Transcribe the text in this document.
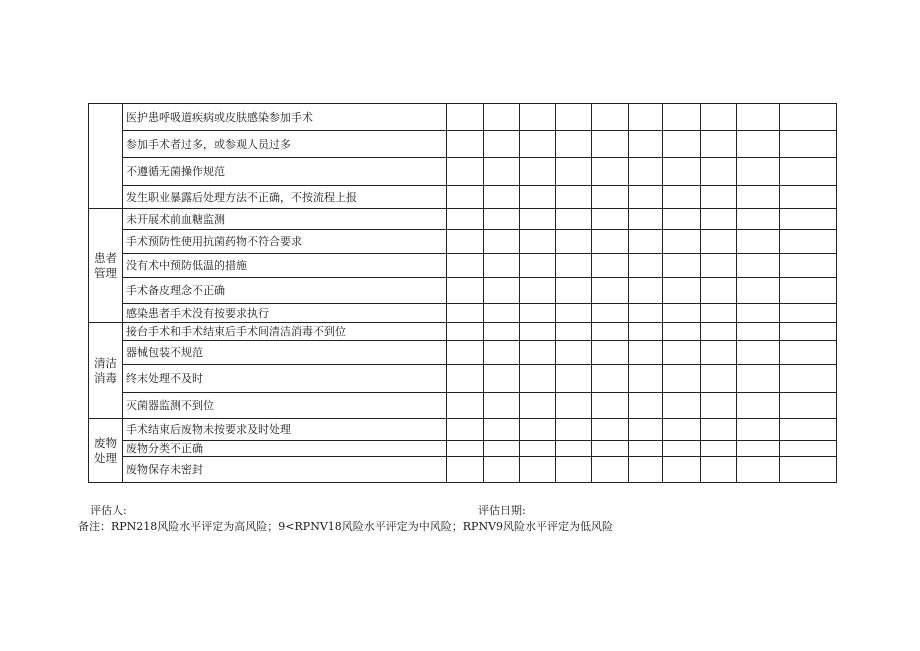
	医护患呼吸道疾病或皮肤感染参加手术										
	参加手术者过多，或参观人员过多										
	不遵循无菌操作规范										
	发生职业暴露后处理方法不正确，不按流程上报										
患者管理	未开展术前血糖监测										
	手术预防性使用抗菌药物不符合要求										
	没有术中预防低温的措施										
	手术备皮理念不正确										
	感染患者手术没有按要求执行										
清洁消毒	接台手术和手术结束后手术间清洁消毒不到位										
	器械包装不规范										
	终末处理不及时										
	灭菌器监测不到位										
废物处理	手术结束后废物未按要求及时处理										
	废物分类不正确										
	废物保存未密封										
评估人:	评估日期:
备注：RPN218风险水平评定为高风险；9<RPNV18风险水平评定为中风险；RPNV9风险水平评定为低风险
